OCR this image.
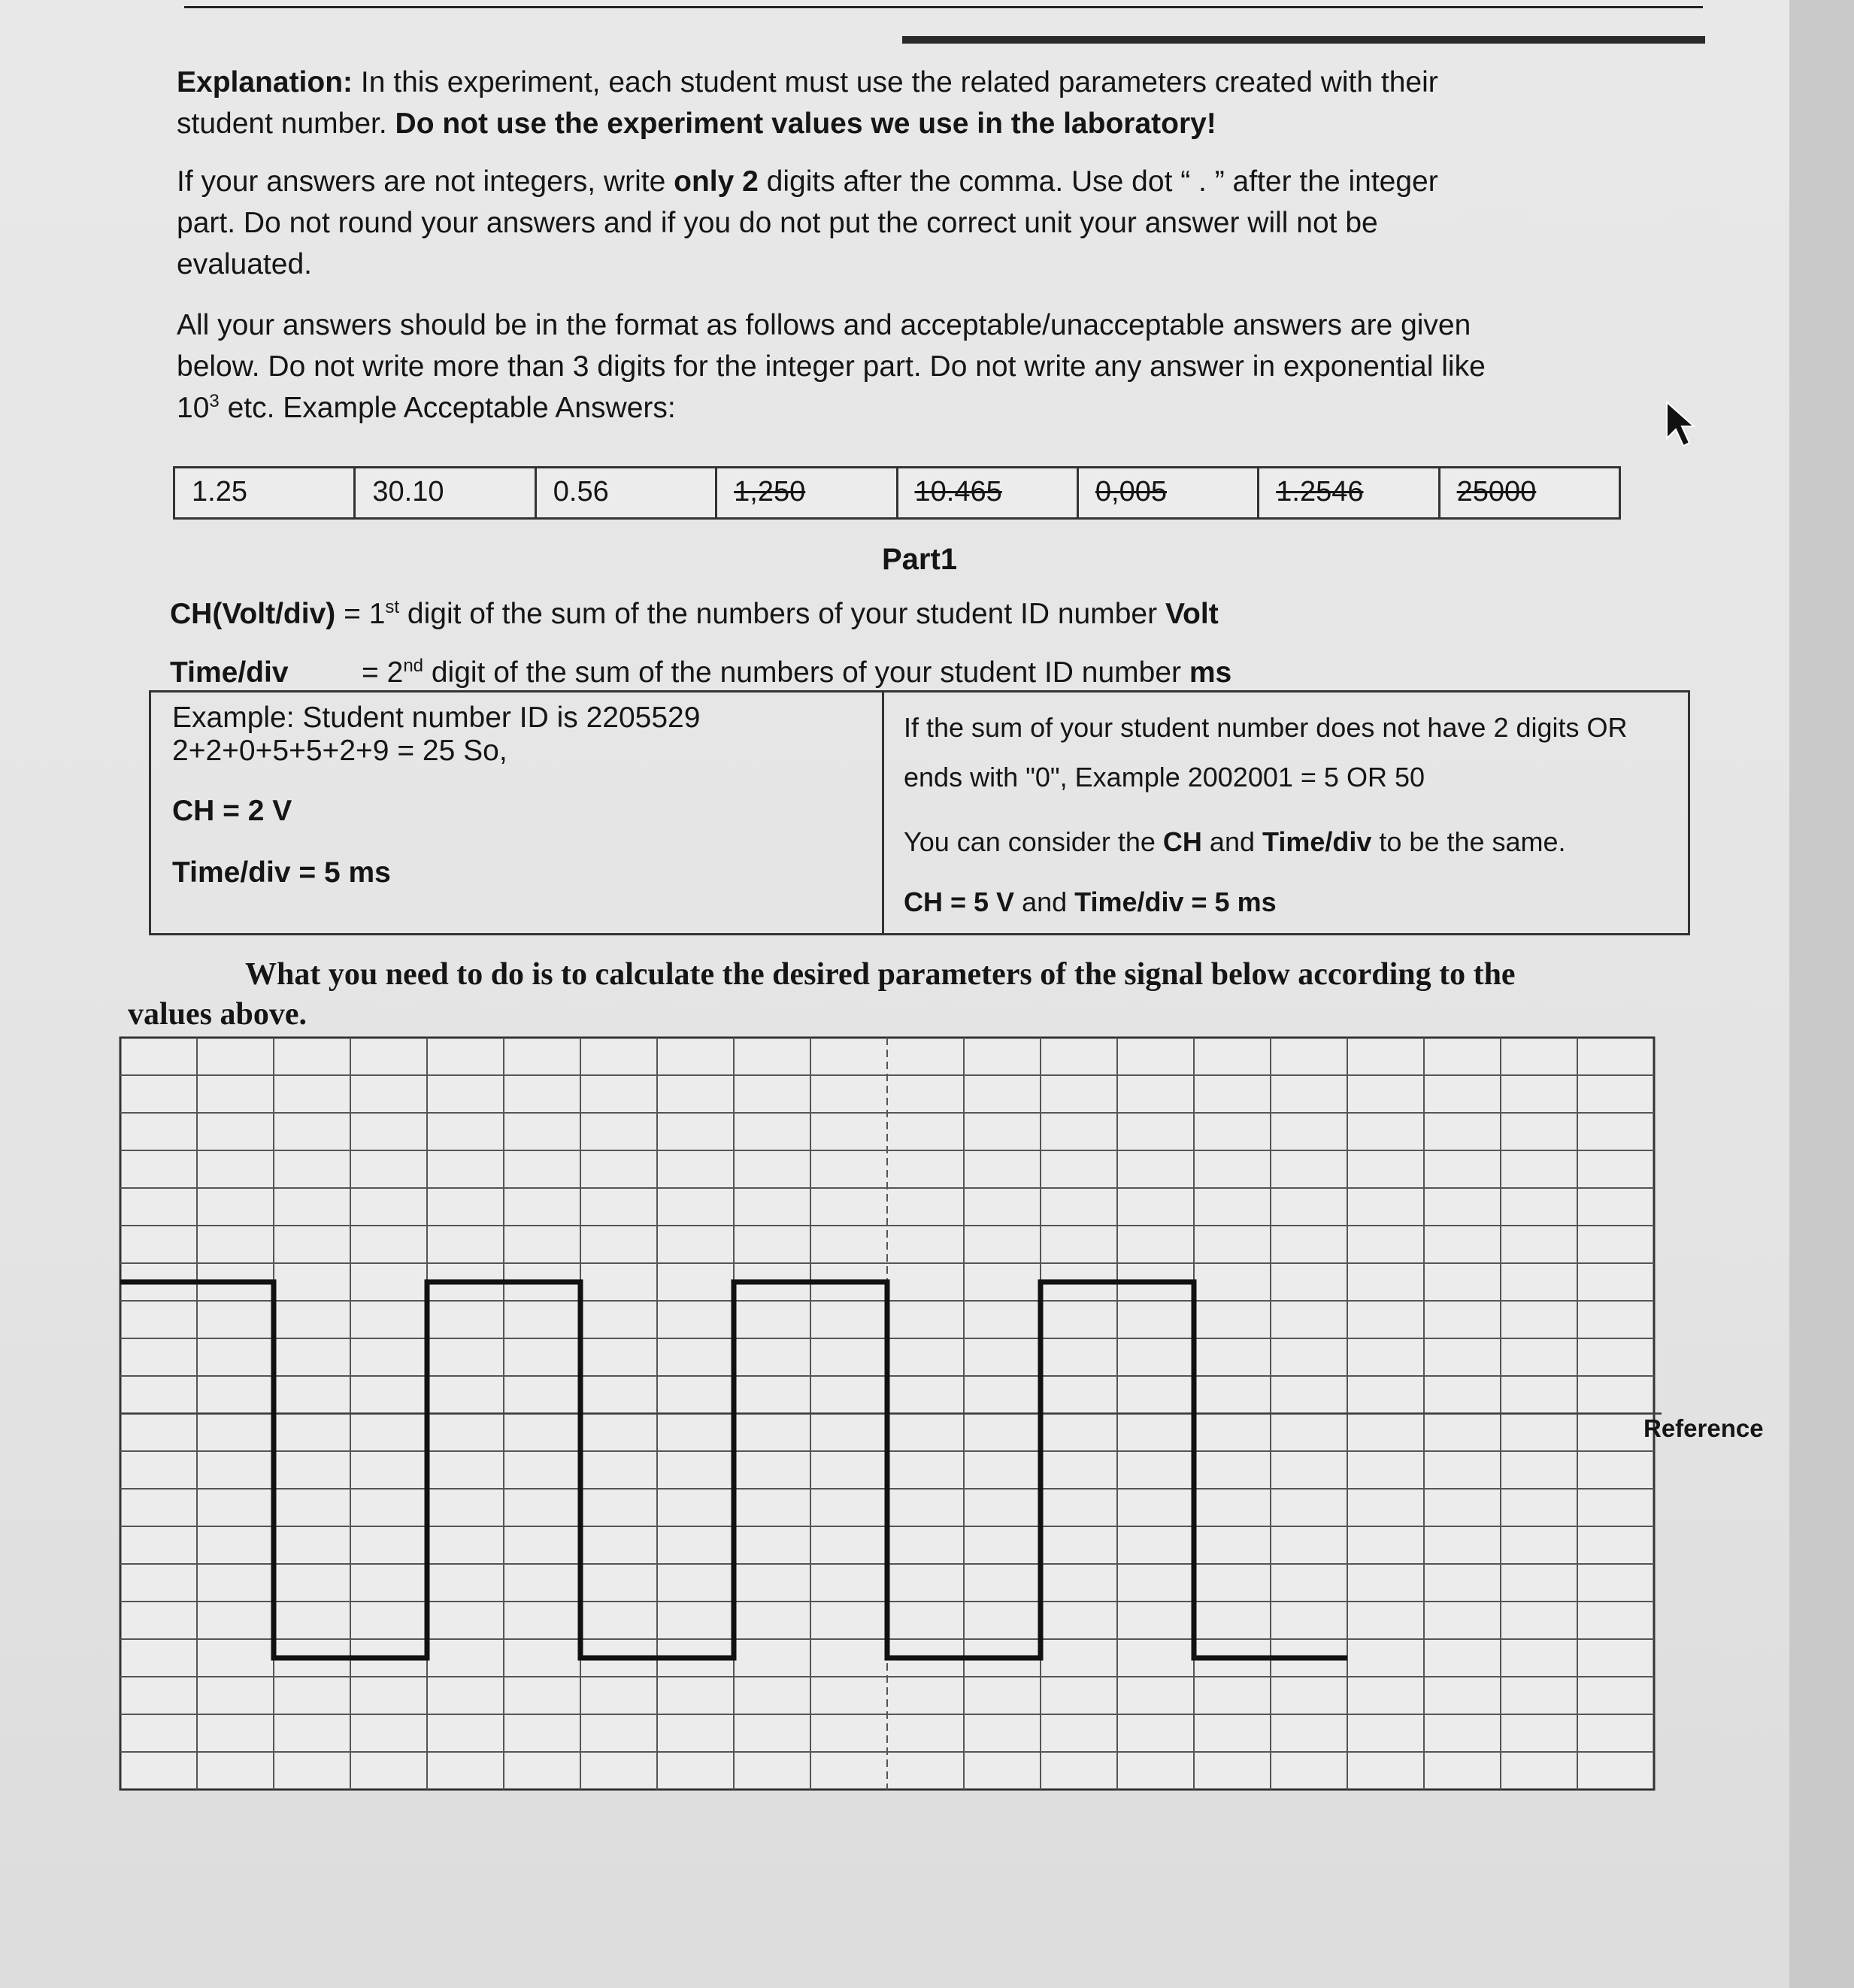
Explanation: In this experiment, each student must use the related parameters created with their
student number. Do not use the experiment values we use in the laboratory!
If your answers are not integers, write only 2 digits after the comma. Use dot “ . ” after the integer
part. Do not round your answers and if you do not put the correct unit your answer will not be
evaluated.
All your answers should be in the format as follows and acceptable/unacceptable answers are given
below. Do not write more than 3 digits for the integer part. Do not write any answer in exponential like
$10^3$ etc. Example Acceptable Answers:
1.25	30.10	0.56	1,250	10.465	0,005	1.2546	25000
Part1
CH(Volt/div) = 1st digit of the sum of the numbers of your student ID number Volt
Time/div = 2nd digit of the sum of the numbers of your student ID number ms
Example: Student number ID is 2205529
2+2+0+5+5+2+9 = 25 So,
CH = 2 V
Time/div = 5 ms
If the sum of your student number does not have 2 digits OR
ends with "0", Example 2002001 = 5 OR 50
You can consider the CH and Time/div to be the same.
CH = 5 V and Time/div = 5 ms
What you need to do is to calculate the desired parameters of the signal below according to the
values above.
Reference
